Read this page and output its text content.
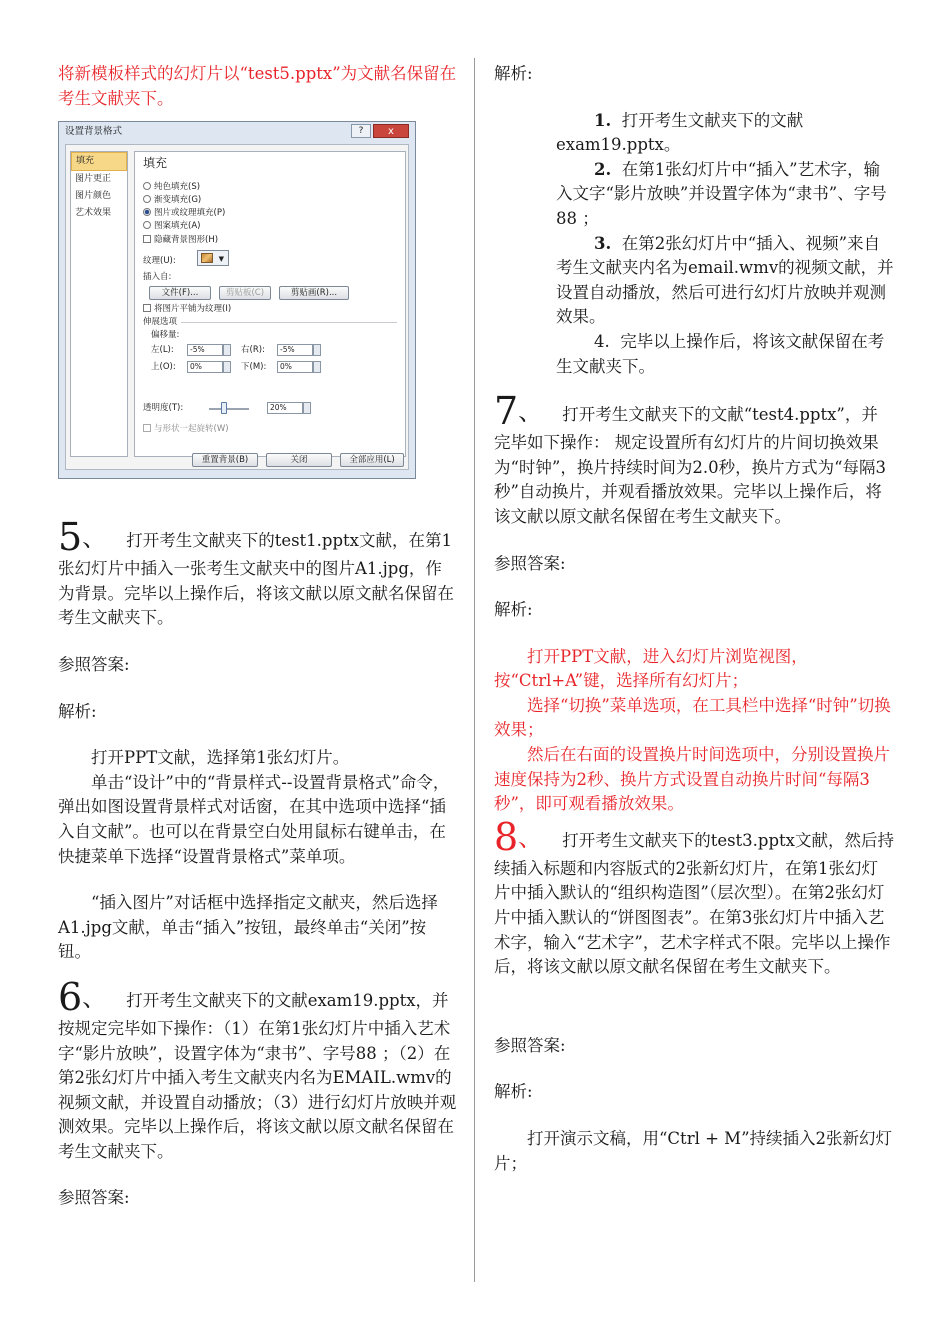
将新模板样式的幻灯片以“test5.pptx”为文献名保留在考生文献夹下。

设置背景格式	?	x
填充
图片更正
图片颜色
艺术效果
填充
纯色填充(S)
渐变填充(G)
图片或纹理填充(P)
图案填充(A)
隐藏背景图形(H)
纹理(U):	▼
插入自:
文件(F)...	剪贴板(C)	剪贴画(R)...
将图片平铺为纹理(I)
伸展选项
偏移量:
左(L):	-5%	右(R):	-5%
上(O):	0%	下(M):	0%
透明度(T):	20%
与形状一起旋转(W)
重置背景(B)	关闭	全部应用(L)

5、 打开考生文献夹下的test1.pptx文献，在第1张幻灯片中插入一张考生文献夹中的图片A1.jpg，作为背景。完毕以上操作后，将该文献以原文献名保留在考生文献夹下。

参照答案:

解析:

打开PPT文献，选择第1张幻灯片。

单击“设计”中的“背景样式--设置背景格式”命令，弹出如图设置背景样式对话窗，在其中选项中选择“插入自文献”。也可以在背景空白处用鼠标右键单击，在快捷菜单下选择“设置背景格式”菜单项。

“插入图片”对话框中选择指定文献夹，然后选择A1.jpg文献，单击“插入”按钮，最终单击“关闭”按钮。

6、 打开考生文献夹下的文献exam19.pptx，并按规定完毕如下操作：（1）在第1张幻灯片中插入艺术字“影片放映”，设置字体为“隶书”、字号88 ；（2）在第2张幻灯片中插入考生文献夹内名为EMAIL.wmv的视频文献，并设置自动播放；（3）进行幻灯片放映并观测效果。完毕以上操作后，将该文献以原文献名保留在考生文献夹下。

参照答案:

解析:

1. 打开考生文献夹下的文献exam19.pptx。

2. 在第1张幻灯片中“插入”艺术字，输入文字“影片放映”并设置字体为“隶书”、字号88 ；

3. 在第2张幻灯片中“插入、视频”来自考生文献夹内名为email.wmv的视频文献，并设置自动播放，然后可进行幻灯片放映并观测效果。

4. 完毕以上操作后，将该文献保留在考生文献夹下。

7、 打开考生文献夹下的文献“test4.pptx”，并完毕如下操作： 规定设置所有幻灯片的片间切换效果为“时钟”，换片持续时间为2.0秒，换片方式为“每隔3秒”自动换片，并观看播放效果。完毕以上操作后，将该文献以原文献名保留在考生文献夹下。

参照答案:

解析:

打开PPT文献，进入幻灯片浏览视图，按“Ctrl+A”键，选择所有幻灯片；

选择“切换”菜单选项，在工具栏中选择“时钟”切换效果；

然后在右面的设置换片时间选项中，分别设置换片速度保持为2秒、换片方式设置自动换片时间“每隔3秒”，即可观看播放效果。

8、 打开考生文献夹下的test3.pptx文献，然后持续插入标题和内容版式的2张新幻灯片，在第1张幻灯片中插入默认的“组织构造图”（层次型）。在第2张幻灯片中插入默认的“饼图图表”。在第3张幻灯片中插入艺术字，输入“艺术字”，艺术字样式不限。完毕以上操作后，将该文献以原文献名保留在考生文献夹下。

参照答案:

解析:

打开演示文稿，用“Ctrl + M”持续插入2张新幻灯片；
